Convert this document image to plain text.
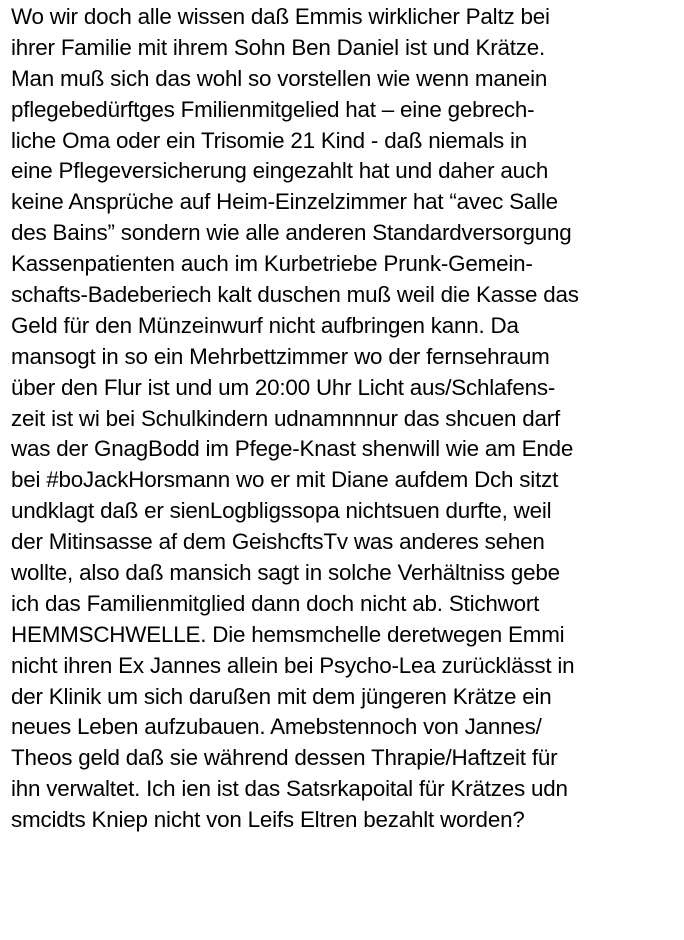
Wo wir doch alle wissen daß Emmis wirklicher Paltz bei
ihrer Familie mit ihrem Sohn Ben Daniel ist und Krätze.
Man muß sich das wohl so vorstellen wie wenn manein
pflegebedürftges Fmilienmitgelied hat – eine gebrech-
liche Oma oder ein Trisomie 21 Kind - daß niemals in
eine Pflegeversicherung eingezahlt hat und daher auch
keine Ansprüche auf Heim-Einzelzimmer hat “avec Salle
des Bains” sondern wie alle anderen Standardversorgung
Kassenpatienten auch im Kurbetriebe Prunk-Gemein-
schafts-Badeberiech kalt duschen muß weil die Kasse das
Geld für den Münzeinwurf nicht aufbringen kann. Da
mansogt in so ein Mehrbettzimmer wo der fernsehraum
über den Flur ist und um 20:00 Uhr Licht aus/Schlafens-
zeit ist wi bei Schulkindern udnamnnnur das shcuen darf
was der GnagBodd im Pfege-Knast shenwill wie am Ende
bei #boJackHorsmann wo er mit Diane aufdem Dch sitzt
undklagt daß er sienLogbligssopa nichtsuen durfte, weil
der Mitinsasse af dem GeishcftsTv was anderes sehen
wollte, also daß mansich sagt in solche Verhältniss gebe
ich das Familienmitglied dann doch nicht ab. Stichwort
HEMMSCHWELLE. Die hemsmchelle deretwegen Emmi
nicht ihren Ex Jannes allein bei Psycho-Lea zurücklässt in
der Klinik um sich darußen mit dem jüngeren Krätze ein
neues Leben aufzubauen. Amebstennoch von Jannes/
Theos geld daß sie während dessen Thrapie/Haftzeit für
ihn verwaltet. Ich ien ist das Satsrkapoital für Krätzes udn
smcidts Kniep nicht von Leifs Eltren bezahlt worden?
